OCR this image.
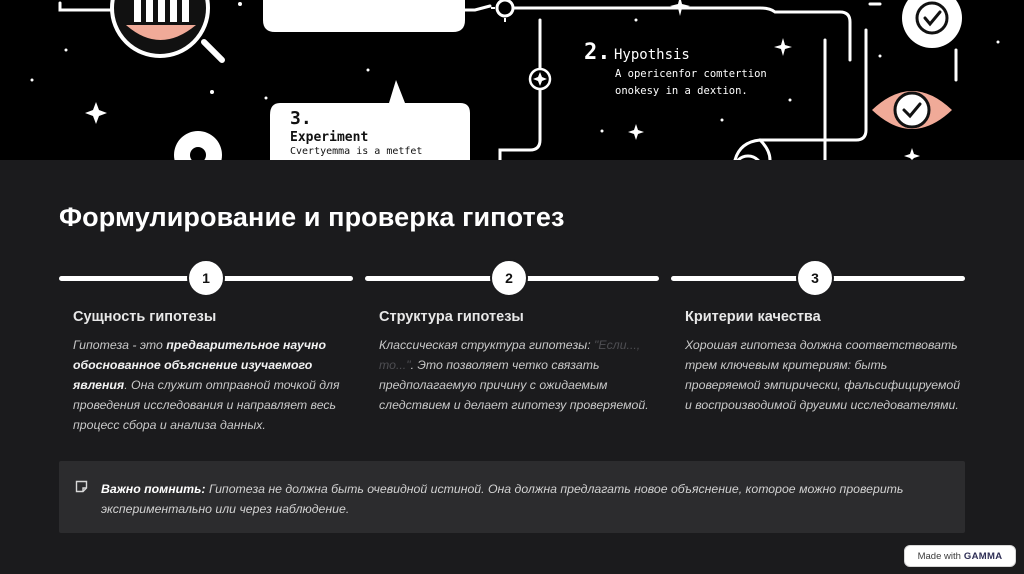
2. Hypothsis
A opericenfor comtertion
onokesy in a dextion.
3.
Experiment
Cvertyemma is a metfet
Формулирование и проверка гипотез
1
Сущность гипотезы
Гипотеза - это предварительное научно обоснованное объяснение изучаемого явления. Она служит отправной точкой для проведения исследования и направляет весь процесс сбора и анализа данных.
2
Структура гипотезы
Классическая структура гипотезы: "Если..., то...". Это позволяет четко связать предполагаемую причину с ожидаемым следствием и делает гипотезу проверяемой.
3
Критерии качества
Хорошая гипотеза должна соответствовать трем ключевым критериям: быть проверяемой эмпирически, фальсифицируемой и воспроизводимой другими исследователями.
Важно помнить: Гипотеза не должна быть очевидной истиной. Она должна предлагать новое объяснение, которое можно проверить экспериментально или через наблюдение.
Made with GAMMA
